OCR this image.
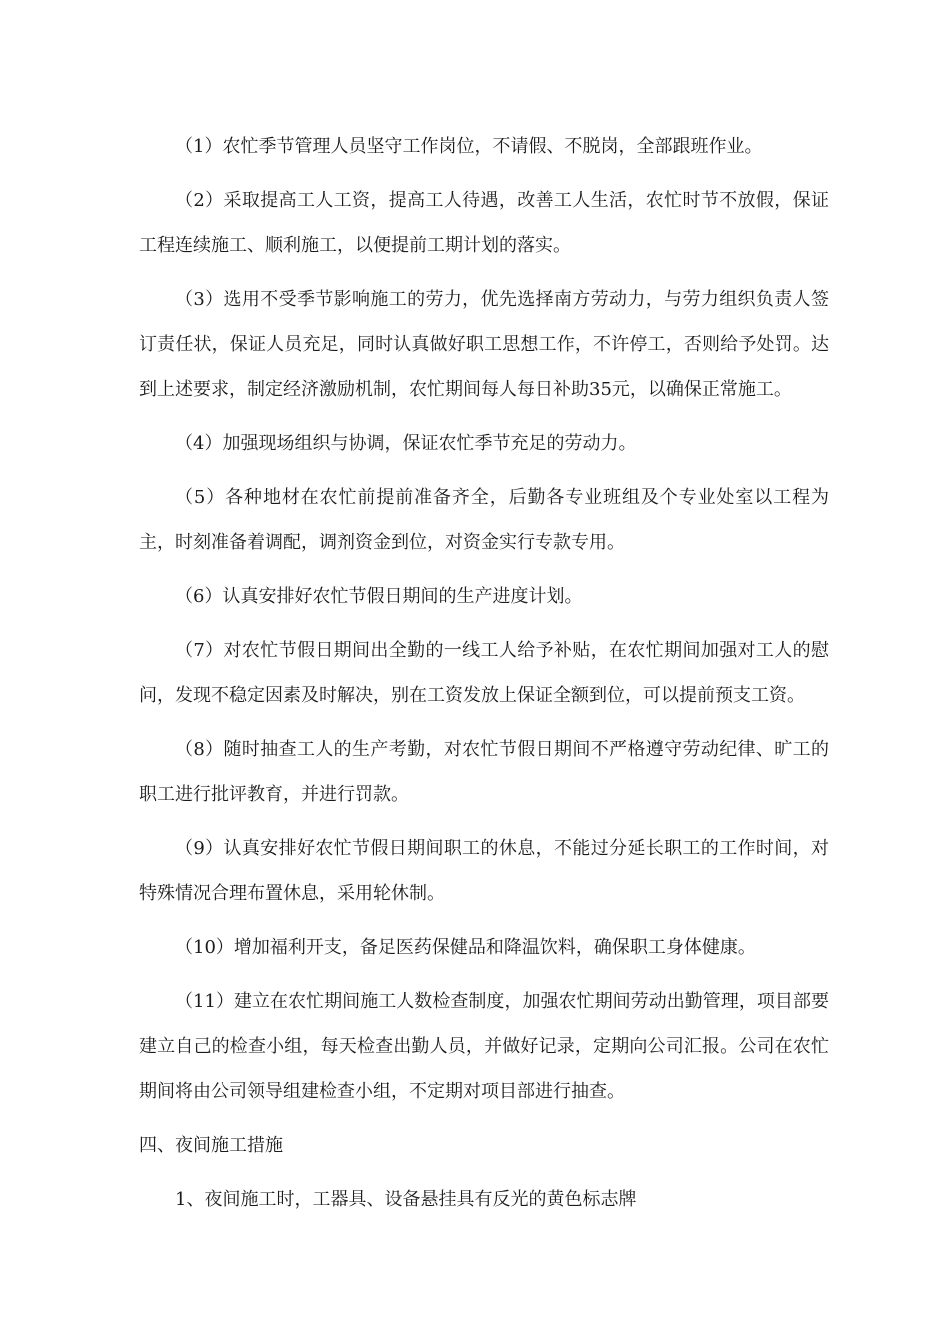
（1）农忙季节管理人员坚守工作岗位，不请假、不脱岗，全部跟班作业。

（2）采取提高工人工资，提高工人待遇，改善工人生活，农忙时节不放假，保证工程连续施工、顺利施工，以便提前工期计划的落实。

（3）选用不受季节影响施工的劳力，优先选择南方劳动力，与劳力组织负责人签订责任状，保证人员充足，同时认真做好职工思想工作，不许停工，否则给予处罚。达到上述要求，制定经济激励机制，农忙期间每人每日补助35元，以确保正常施工。

（4）加强现场组织与协调，保证农忙季节充足的劳动力。

（5）各种地材在农忙前提前准备齐全，后勤各专业班组及个专业处室以工程为主，时刻准备着调配，调剂资金到位，对资金实行专款专用。

（6）认真安排好农忙节假日期间的生产进度计划。

（7）对农忙节假日期间出全勤的一线工人给予补贴，在农忙期间加强对工人的慰问，发现不稳定因素及时解决，别在工资发放上保证全额到位，可以提前预支工资。

（8）随时抽查工人的生产考勤，对农忙节假日期间不严格遵守劳动纪律、旷工的职工进行批评教育，并进行罚款。

（9）认真安排好农忙节假日期间职工的休息，不能过分延长职工的工作时间，对特殊情况合理布置休息，采用轮休制。

（10）增加福利开支，备足医药保健品和降温饮料，确保职工身体健康。

（11）建立在农忙期间施工人数检查制度，加强农忙期间劳动出勤管理，项目部要建立自己的检查小组，每天检查出勤人员，并做好记录，定期向公司汇报。公司在农忙期间将由公司领导组建检查小组，不定期对项目部进行抽查。

四、夜间施工措施

1、夜间施工时，工器具、设备悬挂具有反光的黄色标志牌
